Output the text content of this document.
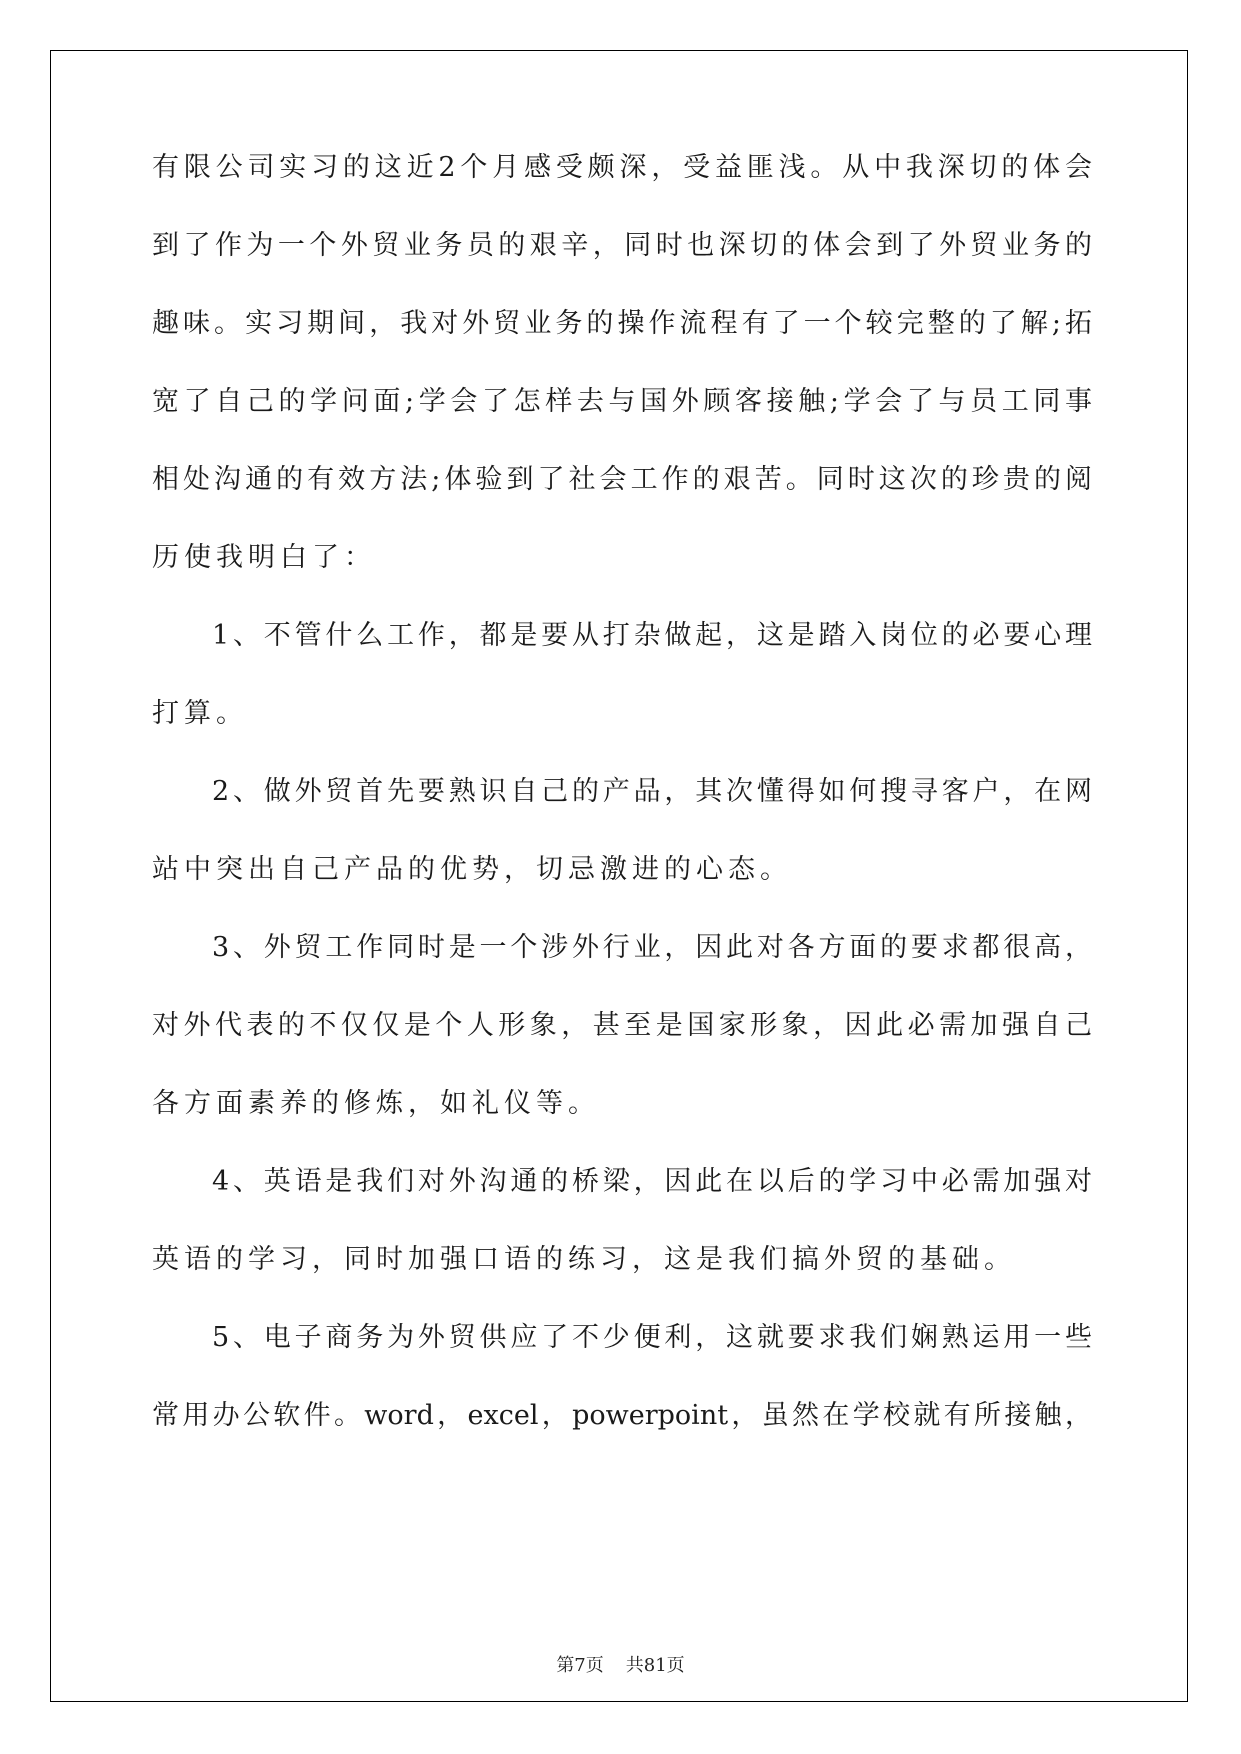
有限公司实习的这近2个月感受颇深，受益匪浅。从中我深切的体会
到了作为一个外贸业务员的艰辛，同时也深切的体会到了外贸业务的
趣味。实习期间，我对外贸业务的操作流程有了一个较完整的了解;拓
宽了自己的学问面;学会了怎样去与国外顾客接触;学会了与员工同事
相处沟通的有效方法;体验到了社会工作的艰苦。同时这次的珍贵的阅
历使我明白了：
1、不管什么工作，都是要从打杂做起，这是踏入岗位的必要心理
打算。
2、做外贸首先要熟识自己的产品，其次懂得如何搜寻客户，在网
站中突出自己产品的优势，切忌激进的心态。
3、外贸工作同时是一个涉外行业，因此对各方面的要求都很高，
对外代表的不仅仅是个人形象，甚至是国家形象，因此必需加强自己
各方面素养的修炼，如礼仪等。
4、英语是我们对外沟通的桥梁，因此在以后的学习中必需加强对
英语的学习，同时加强口语的练习，这是我们搞外贸的基础。
5、电子商务为外贸供应了不少便利，这就要求我们娴熟运用一些
常用办公软件。word，excel，powerpoint，虽然在学校就有所接触，
第7页 共81页
